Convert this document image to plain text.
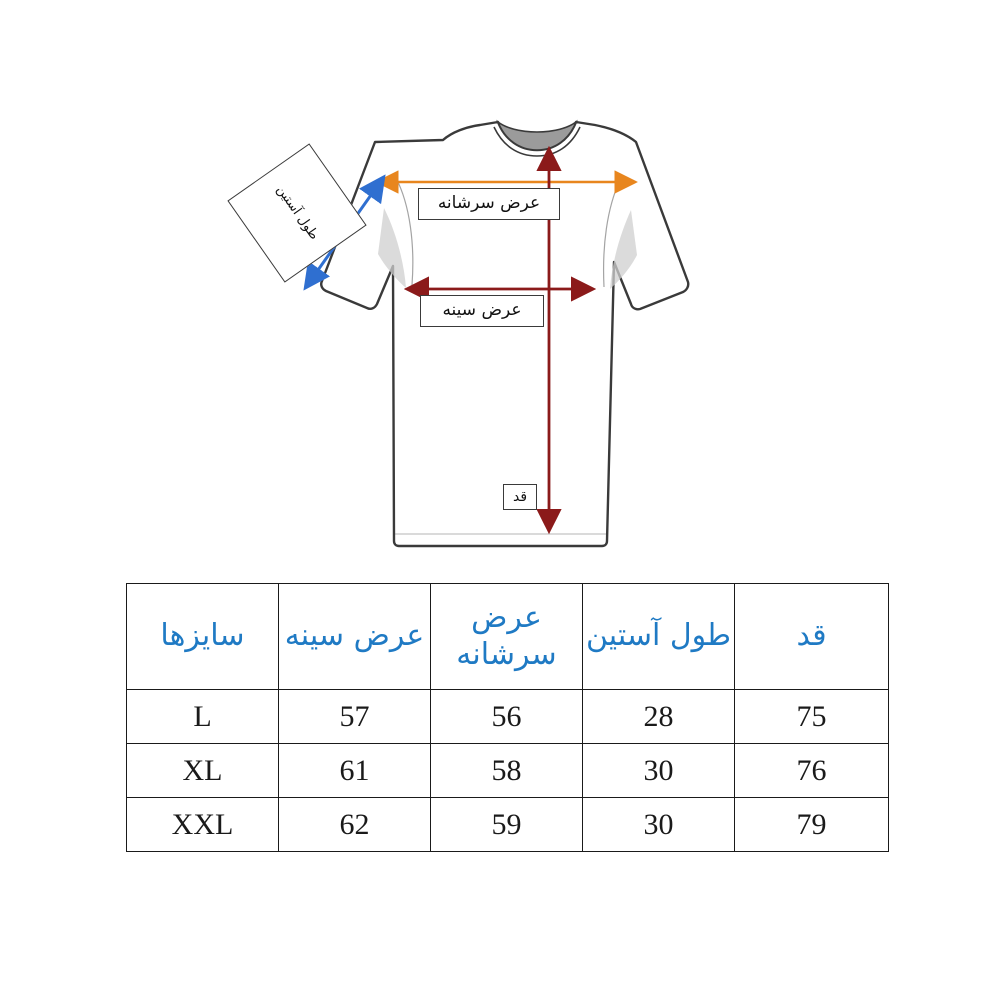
عرض سرشانه
عرض سینه
قد
طول آستین
قد	طول آستین	عرض سرشانه	عرض سینه	سایزها
75	28	56	57	L
76	30	58	61	XL
79	30	59	62	XXL
